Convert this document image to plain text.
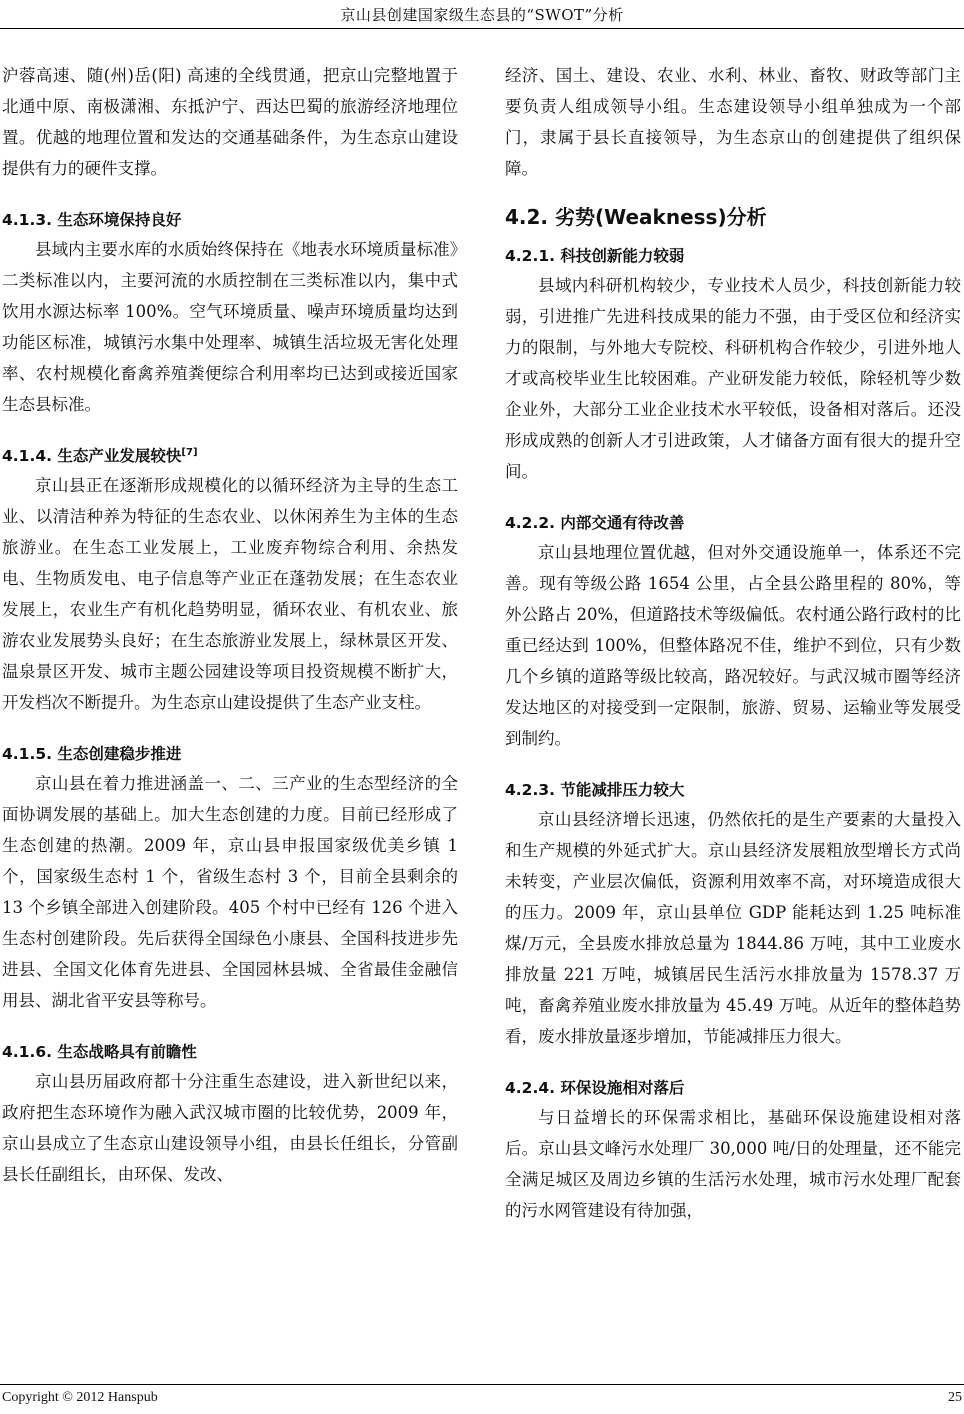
京山县创建国家级生态县的“SWOT”分析

沪蓉高速、随(州)岳(阳) 高速的全线贯通，把京山完整地置于北通中原、南极潇湘、东抵沪宁、西达巴蜀的旅游经济地理位置。优越的地理位置和发达的交通基础条件，为生态京山建设提供有力的硬件支撑。

4.1.3. 生态环境保持良好

县域内主要水库的水质始终保持在《地表水环境质量标准》二类标准以内，主要河流的水质控制在三类标准以内，集中式饮用水源达标率 100%。空气环境质量、噪声环境质量均达到功能区标准，城镇污水集中处理率、城镇生活垃圾无害化处理率、农村规模化畜禽养殖粪便综合利用率均已达到或接近国家生态县标准。

4.1.4. 生态产业发展较快[7]

京山县正在逐渐形成规模化的以循环经济为主导的生态工业、以清洁种养为特征的生态农业、以休闲养生为主体的生态旅游业。在生态工业发展上，工业废弃物综合利用、余热发电、生物质发电、电子信息等产业正在蓬勃发展；在生态农业发展上，农业生产有机化趋势明显，循环农业、有机农业、旅游农业发展势头良好；在生态旅游业发展上，绿林景区开发、温泉景区开发、城市主题公园建设等项目投资规模不断扩大，开发档次不断提升。为生态京山建设提供了生态产业支柱。

4.1.5. 生态创建稳步推进

京山县在着力推进涵盖一、二、三产业的生态型经济的全面协调发展的基础上。加大生态创建的力度。目前已经形成了生态创建的热潮。2009 年，京山县申报国家级优美乡镇 1 个，国家级生态村 1 个，省级生态村 3 个，目前全县剩余的 13 个乡镇全部进入创建阶段。405 个村中已经有 126 个进入生态村创建阶段。先后获得全国绿色小康县、全国科技进步先进县、全国文化体育先进县、全国园林县城、全省最佳金融信用县、湖北省平安县等称号。

4.1.6. 生态战略具有前瞻性

京山县历届政府都十分注重生态建设，进入新世纪以来，政府把生态环境作为融入武汉城市圈的比较优势，2009 年，京山县成立了生态京山建设领导小组，由县长任组长，分管副县长任副组长，由环保、发改、

经济、国土、建设、农业、水利、林业、畜牧、财政等部门主要负责人组成领导小组。生态建设领导小组单独成为一个部门，隶属于县长直接领导，为生态京山的创建提供了组织保障。

4.2. 劣势(Weakness)分析
4.2.1. 科技创新能力较弱

县域内科研机构较少，专业技术人员少，科技创新能力较弱，引进推广先进科技成果的能力不强，由于受区位和经济实力的限制，与外地大专院校、科研机构合作较少，引进外地人才或高校毕业生比较困难。产业研发能力较低，除轻机等少数企业外，大部分工业企业技术水平较低，设备相对落后。还没形成成熟的创新人才引进政策，人才储备方面有很大的提升空间。

4.2.2. 内部交通有待改善

京山县地理位置优越，但对外交通设施单一，体系还不完善。现有等级公路 1654 公里，占全县公路里程的 80%，等外公路占 20%，但道路技术等级偏低。农村通公路行政村的比重已经达到 100%，但整体路况不佳，维护不到位，只有少数几个乡镇的道路等级比较高，路况较好。与武汉城市圈等经济发达地区的对接受到一定限制，旅游、贸易、运输业等发展受到制约。

4.2.3. 节能减排压力较大

京山县经济增长迅速，仍然依托的是生产要素的大量投入和生产规模的外延式扩大。京山县经济发展粗放型增长方式尚未转变，产业层次偏低，资源利用效率不高，对环境造成很大的压力。2009 年，京山县单位 GDP 能耗达到 1.25 吨标准煤/万元，全县废水排放总量为 1844.86 万吨，其中工业废水排放量 221 万吨，城镇居民生活污水排放量为 1578.37 万吨，畜禽养殖业废水排放量为 45.49 万吨。从近年的整体趋势看，废水排放量逐步增加，节能减排压力很大。

4.2.4. 环保设施相对落后

与日益增长的环保需求相比，基础环保设施建设相对落后。京山县文峰污水处理厂 30,000 吨/日的处理量，还不能完全满足城区及周边乡镇的生活污水处理，城市污水处理厂配套的污水网管建设有待加强，

Copyright © 2012 Hanspub	25
